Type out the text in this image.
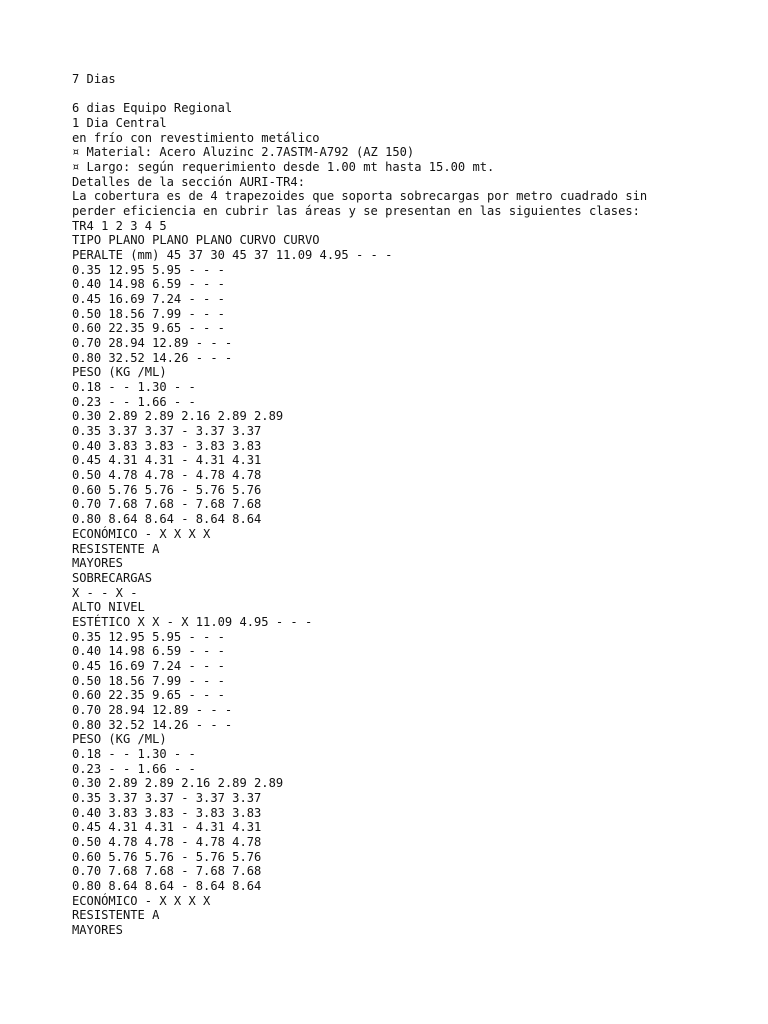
7 Dias
6 dias Equipo Regional
1 Dia Central
en frío con revestimiento metálico
¤ Material: Acero Aluzinc 2.7ASTM-A792 (AZ 150)
¤ Largo: según requerimiento desde 1.00 mt hasta 15.00 mt.
Detalles de la sección AURI-TR4:
La cobertura es de 4 trapezoides que soporta sobrecargas por metro cuadrado sin
perder eficiencia en cubrir las áreas y se presentan en las siguientes clases:
TR4 1 2 3 4 5
TIPO PLANO PLANO PLANO CURVO CURVO
PERALTE (mm) 45 37 30 45 37 11.09 4.95 - - -
0.35 12.95 5.95 - - -
0.40 14.98 6.59 - - -
0.45 16.69 7.24 - - -
0.50 18.56 7.99 - - -
0.60 22.35 9.65 - - -
0.70 28.94 12.89 - - -
0.80 32.52 14.26 - - -
PESO (KG /ML)
0.18 - - 1.30 - -
0.23 - - 1.66 - -
0.30 2.89 2.89 2.16 2.89 2.89
0.35 3.37 3.37 - 3.37 3.37
0.40 3.83 3.83 - 3.83 3.83
0.45 4.31 4.31 - 4.31 4.31
0.50 4.78 4.78 - 4.78 4.78
0.60 5.76 5.76 - 5.76 5.76
0.70 7.68 7.68 - 7.68 7.68
0.80 8.64 8.64 - 8.64 8.64
ECONÓMICO - X X X X
RESISTENTE A
MAYORES
SOBRECARGAS
X - - X -
ALTO NIVEL
ESTÉTICO X X - X 11.09 4.95 - - -
0.35 12.95 5.95 - - -
0.40 14.98 6.59 - - -
0.45 16.69 7.24 - - -
0.50 18.56 7.99 - - -
0.60 22.35 9.65 - - -
0.70 28.94 12.89 - - -
0.80 32.52 14.26 - - -
PESO (KG /ML)
0.18 - - 1.30 - -
0.23 - - 1.66 - -
0.30 2.89 2.89 2.16 2.89 2.89
0.35 3.37 3.37 - 3.37 3.37
0.40 3.83 3.83 - 3.83 3.83
0.45 4.31 4.31 - 4.31 4.31
0.50 4.78 4.78 - 4.78 4.78
0.60 5.76 5.76 - 5.76 5.76
0.70 7.68 7.68 - 7.68 7.68
0.80 8.64 8.64 - 8.64 8.64
ECONÓMICO - X X X X
RESISTENTE A
MAYORES
